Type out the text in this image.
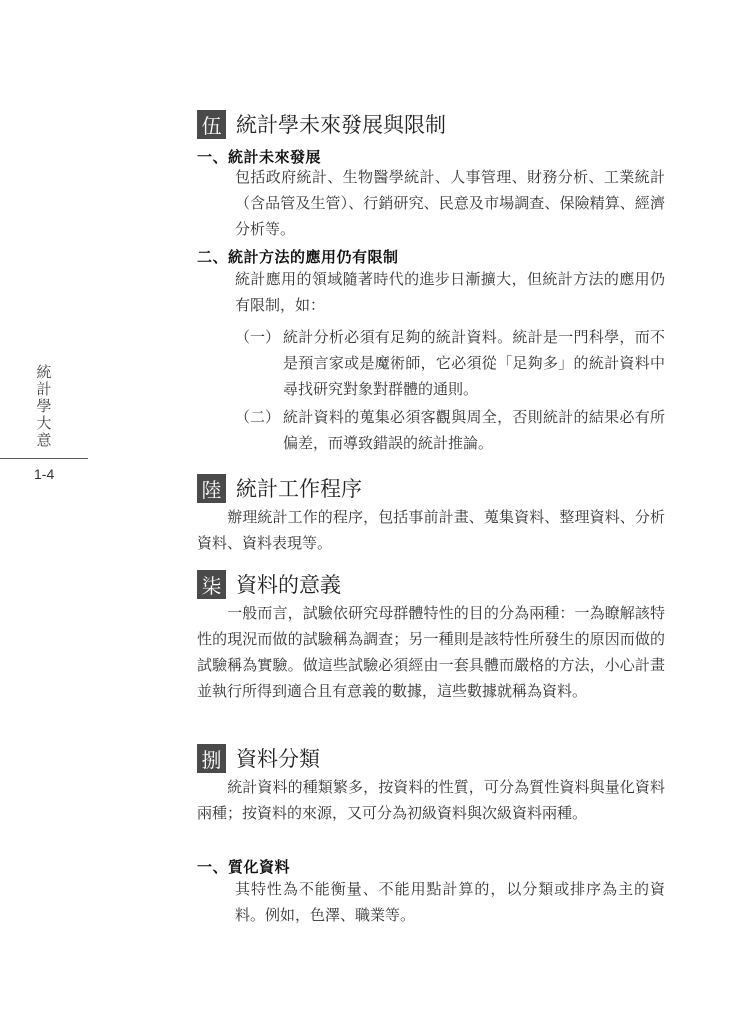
統
計
學
大
意
1-4
伍 統計學未來發展與限制
一、統計未來發展
包括政府統計、生物醫學統計、人事管理、財務分析、工業統計（含品管及生管）、行銷研究、民意及市場調查、保險精算、經濟分析等。
二、統計方法的應用仍有限制
統計應用的領域隨著時代的進步日漸擴大，但統計方法的應用仍有限制，如：
（一） 統計分析必須有足夠的統計資料。統計是一門科學，而不是預言家或是魔術師，它必須從「足夠多」的統計資料中尋找研究對象對群體的通則。
（二） 統計資料的蒐集必須客觀與周全，否則統計的結果必有所偏差，而導致錯誤的統計推論。
陸 統計工作程序
　　辦理統計工作的程序，包括事前計畫、蒐集資料、整理資料、分析資料、資料表現等。
柒 資料的意義
　　一般而言，試驗依研究母群體特性的目的分為兩種：一為瞭解該特性的現況而做的試驗稱為調查；另一種則是該特性所發生的原因而做的試驗稱為實驗。做這些試驗必須經由一套具體而嚴格的方法，小心計畫並執行所得到適合且有意義的數據，這些數據就稱為資料。
捌 資料分類
　　統計資料的種類繁多，按資料的性質，可分為質性資料與量化資料兩種；按資料的來源，又可分為初級資料與次級資料兩種。
一、質化資料
其特性為不能衡量、不能用點計算的，以分類或排序為主的資料。例如，色澤、職業等。
